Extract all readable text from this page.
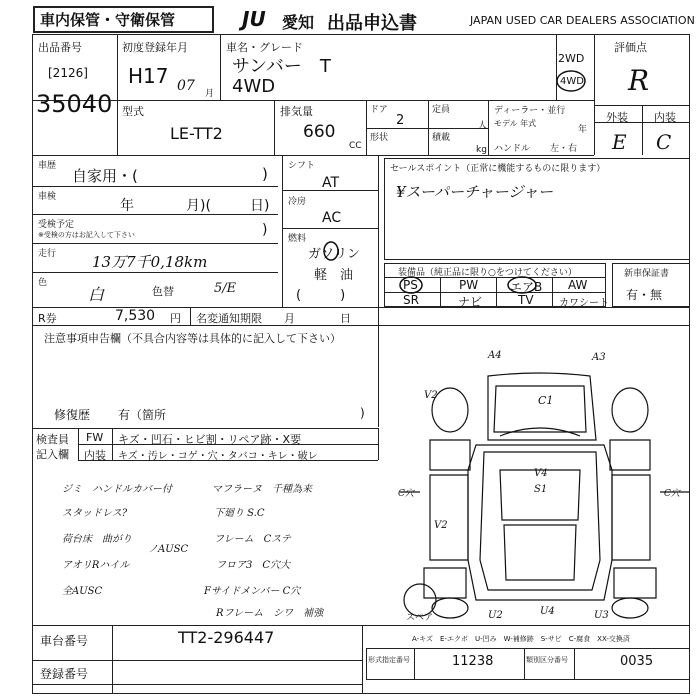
車内保管・守衛保管	JU 愛知 出品申込書	JAPAN USED CAR DEALERS ASSOCIATION
出品番号
[2126]
35040
初度登録年月
H17 07 月
車名・グレード
サンバー　T
4WD
2WD
4WD
評価点
R
外装 内装
E C
型式
LE-TT2
排気量
660
CC
ドア
2
形状
定員
人
積載
kg
ディーラー・並行
モデル 年式
年
ハンドル 左・右
車歴
自家用・(	)
車検
年	月)(	日)
受検予定
※受検の方はお記入して下さい	)
走行 13万7千0,18km
色
白	色替	5/E
シフト
AT
冷房
AC
燃料
ガソリン
軽　油
(　　　)
セールスポイント（正常に機能するものに限ります）
¥スーパーチャージャー
装備品（純正品に限り○をつけてください）
PS	PW	エアB AW
SR	ナビ	TV	カワシート
新車保証書
有・無
R券	7,530 円 名変通知期限 月	日
注意事項申告欄（不具合内容等は具体的に記入して下さい）
修復歴 有（箇所	)
検査員
記入欄
FW キズ・凹石・ヒビ割・リペア跡・X要
内装 キズ・汚レ・コゲ・穴・タバコ・キレ・破レ
ジミ　ハンドルカバー付	マフラーヌ　千種為来
スタッドレス?	下廻り S.C
荷台床　曲がり
ノAUSC
フレーム　Cステ
アオリRハイル	フロア3　C穴大
全AUSC	Fサイドメンバー C穴
Rフレーム　シワ　補強
A4	A3
V2	C1
V4
S1
C穴	C穴
U2	U4	U3
V2
スペア
A-キズ　E-エクボ　U-凹み　W-補修跡　S-サビ　C-腐食　XX-交換済
車台番号	TT2-296447
登録番号
形式指定番号	11238	類別区分番号	0035
